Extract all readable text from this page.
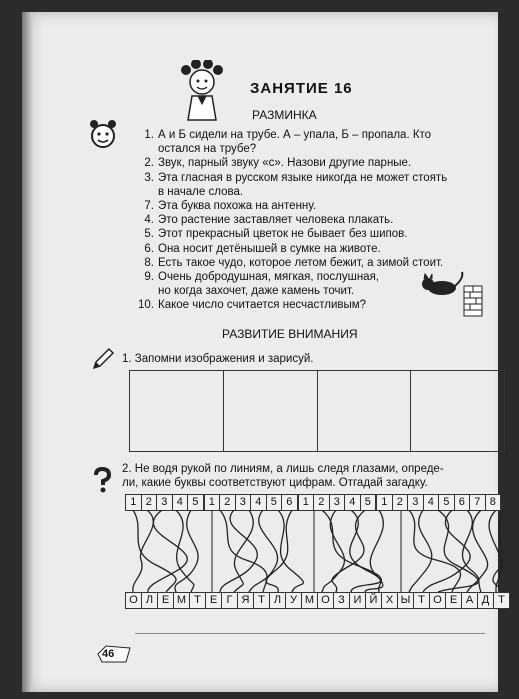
ЗАНЯТИЕ 16
РАЗМИНКА
1. А и Б сидели на трубе. А – упала, Б – пропала. Кто
остался на трубе?
2. Звук, парный звуку «с». Назови другие парные.
3. Эта гласная в русском языке никогда не может стоять
в начале слова.
7. Эта буква похожа на антенну.
4. Это растение заставляет человека плакать.
5. Этот прекрасный цветок не бывает без шипов.
6. Она носит детёнышей в сумке на животе.
8. Есть такое чудо, которое летом бежит, а зимой стоит.
9. Очень добродушная, мягкая, послушная,
но когда захочет, даже камень точит.
10. Какое число считается несчастливым?
РАЗВИТИЕ ВНИМАНИЯ
1. Запомни изображения и зарисуй.
2. Не водя рукой по линиям, а лишь следя глазами, опреде-
ли, какие буквы соответствуют цифрам. Отгадай загадку.
1 2 3 4 5 1 2 3 4 5 6 1 2 3 4 5 1 2 3 4 5 6 7 8
О Л Е М Т Е Г Я Т Л У М О З И Й Х Ы Т О Е А Д Т
46
